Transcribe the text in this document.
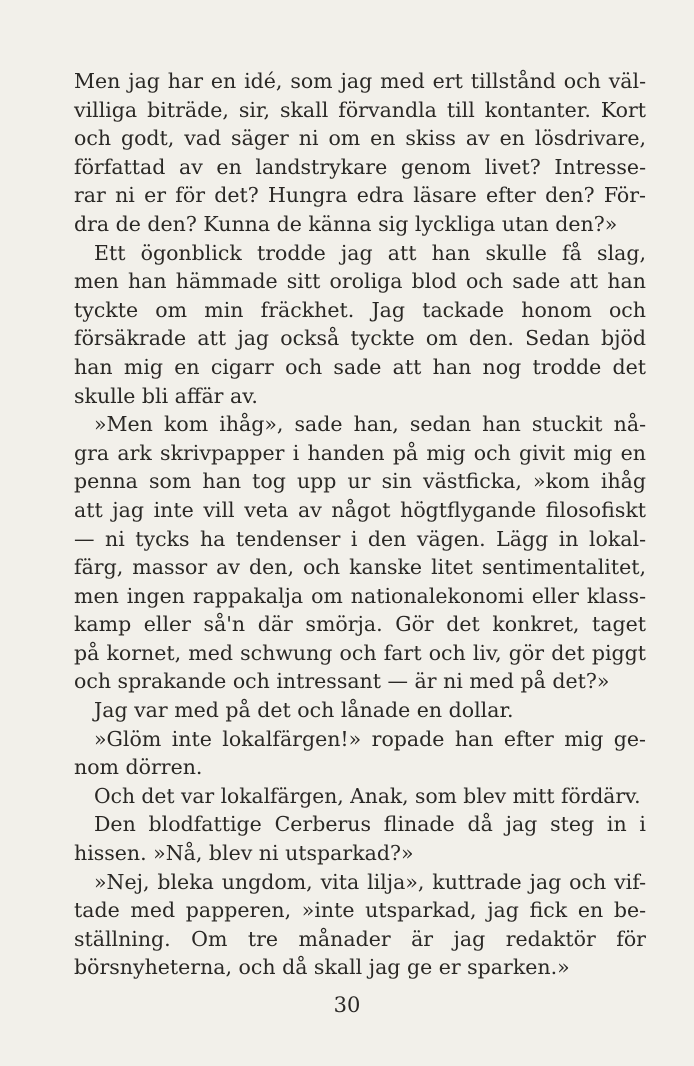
Men jag har en idé, som jag med ert tillstånd och väl-
villiga biträde, sir, skall förvandla till kontanter. Kort
och godt, vad säger ni om en skiss av en lösdrivare,
författad av en landstrykare genom livet? Intresse-
rar ni er för det? Hungra edra läsare efter den? För-
dra de den? Kunna de känna sig lyckliga utan den?»
Ett ögonblick trodde jag att han skulle få slag,
men han hämmade sitt oroliga blod och sade att han
tyckte om min fräckhet. Jag tackade honom och
försäkrade att jag också tyckte om den. Sedan bjöd
han mig en cigarr och sade att han nog trodde det
skulle bli affär av.
»Men kom ihåg», sade han, sedan han stuckit nå-
gra ark skrivpapper i handen på mig och givit mig en
penna som han tog upp ur sin västficka, »kom ihåg
att jag inte vill veta av något högtflygande filosofiskt
— ni tycks ha tendenser i den vägen. Lägg in lokal-
färg, massor av den, och kanske litet sentimentalitet,
men ingen rappakalja om nationalekonomi eller klass-
kamp eller så'n där smörja. Gör det konkret, taget
på kornet, med schwung och fart och liv, gör det piggt
och sprakande och intressant — är ni med på det?»
Jag var med på det och lånade en dollar.
»Glöm inte lokalfärgen!» ropade han efter mig ge-
nom dörren.
Och det var lokalfärgen, Anak, som blev mitt fördärv.
Den blodfattige Cerberus flinade då jag steg in i
hissen. »Nå, blev ni utsparkad?»
»Nej, bleka ungdom, vita lilja», kuttrade jag och vif-
tade med papperen, »inte utsparkad, jag fick en be-
ställning. Om tre månader är jag redaktör för
börsnyheterna, och då skall jag ge er sparken.»
30
